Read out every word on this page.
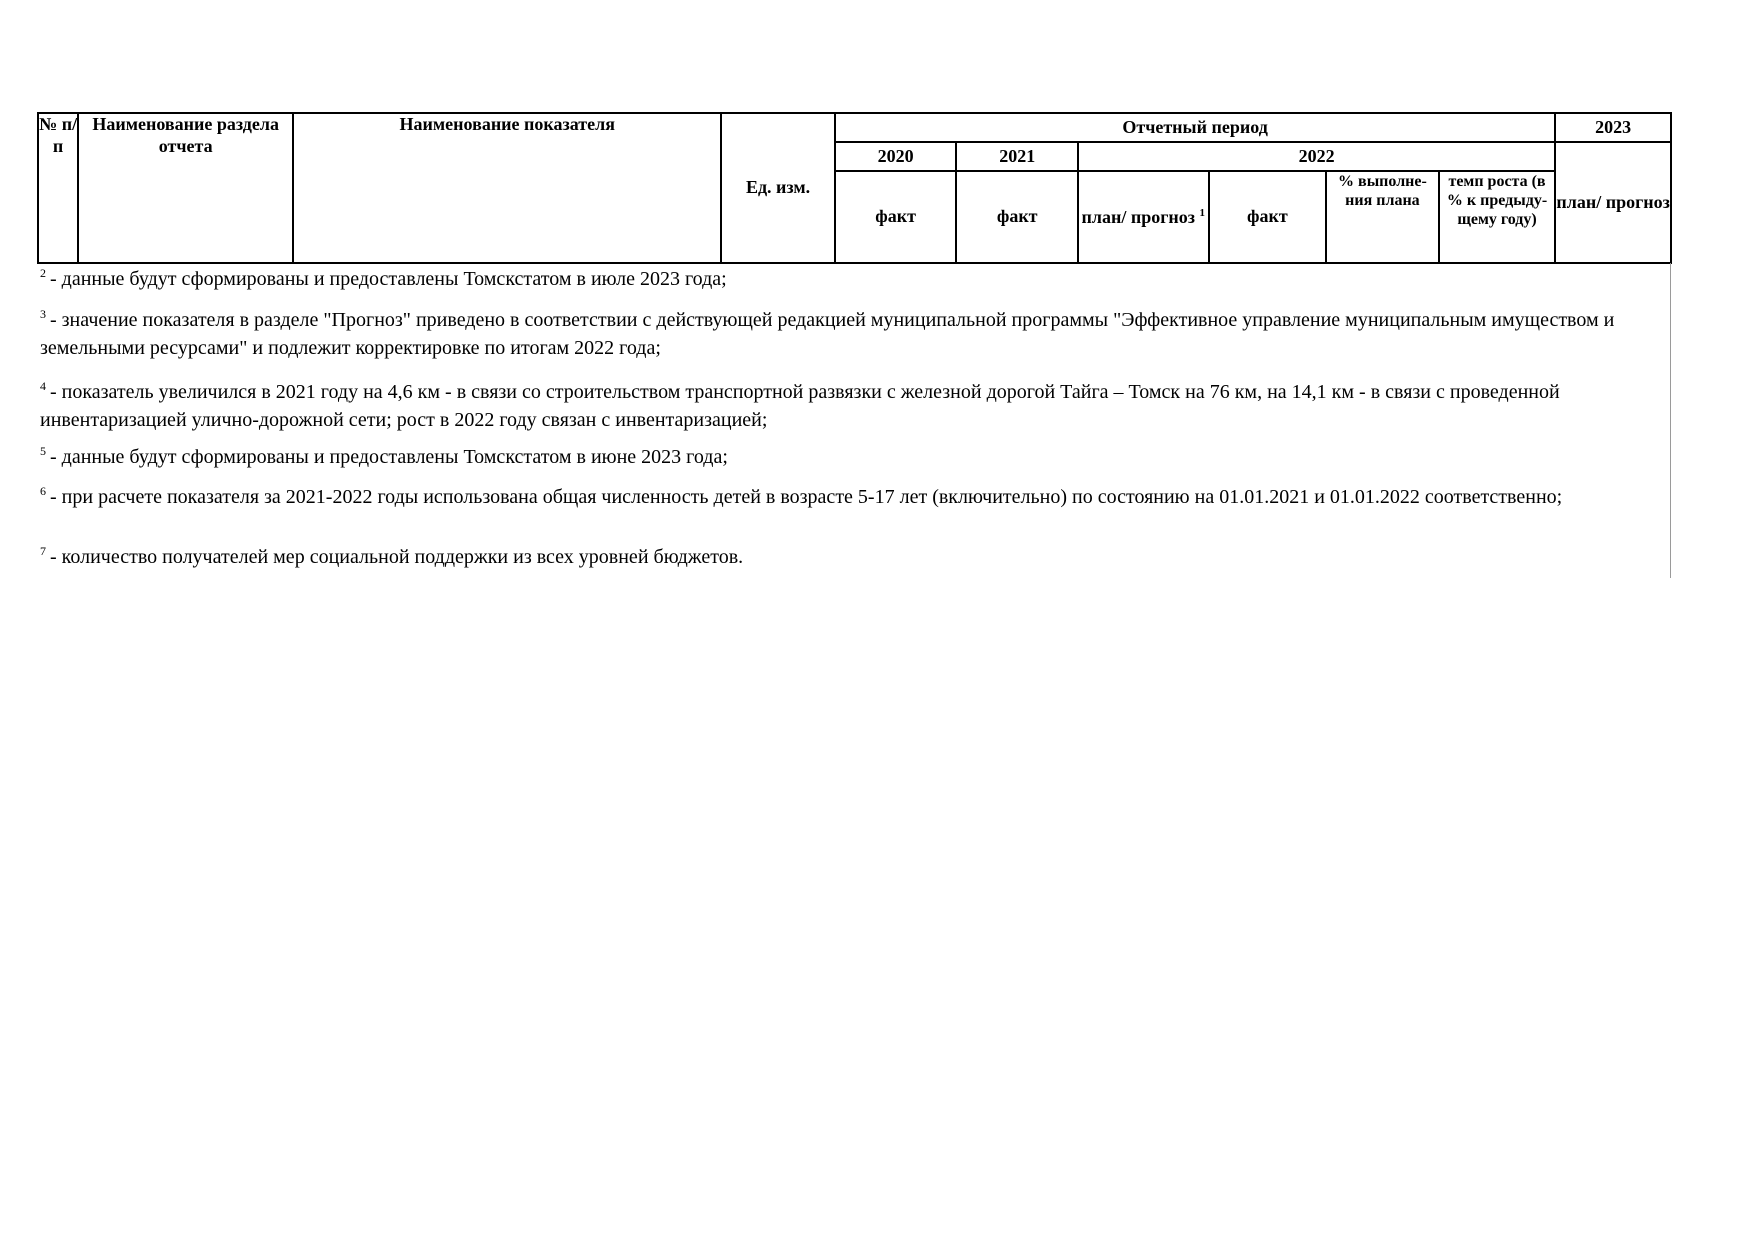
№ п/п	Наименование раздела отчета	Наименование показателя	Ед. изм.	Отчетный период						2023
				2020	2021	2022				план/ прогноз
				факт	факт	план/ прогноз $^1$	факт	% выполне-ния плана	темп роста (в % к предыду-щему году)	

$^2$ - данные будут сформированы и предоставлены Томскстатом в июле 2023 года;

$^3$ - значение показателя в разделе "Прогноз" приведено в соответствии с действующей редакцией муниципальной программы "Эффективное управление муниципальным имуществом и земельными ресурсами" и подлежит корректировке по итогам 2022 года;

$^4$ - показатель увеличился в 2021 году на 4,6 км - в связи со строительством транспортной развязки с железной дорогой Тайга – Томск на 76 км, на 14,1 км - в связи с проведенной инвентаризацией улично-дорожной сети; рост в 2022 году связан с инвентаризацией;

$^5$ - данные будут сформированы и предоставлены Томскстатом в июне 2023 года;

$^6$ - при расчете показателя за 2021-2022 годы использована общая численность детей в возрасте 5-17 лет (включительно) по состоянию на 01.01.2021 и 01.01.2022 соответственно;

$^7$ - количество получателей мер социальной поддержки из всех уровней бюджетов.
